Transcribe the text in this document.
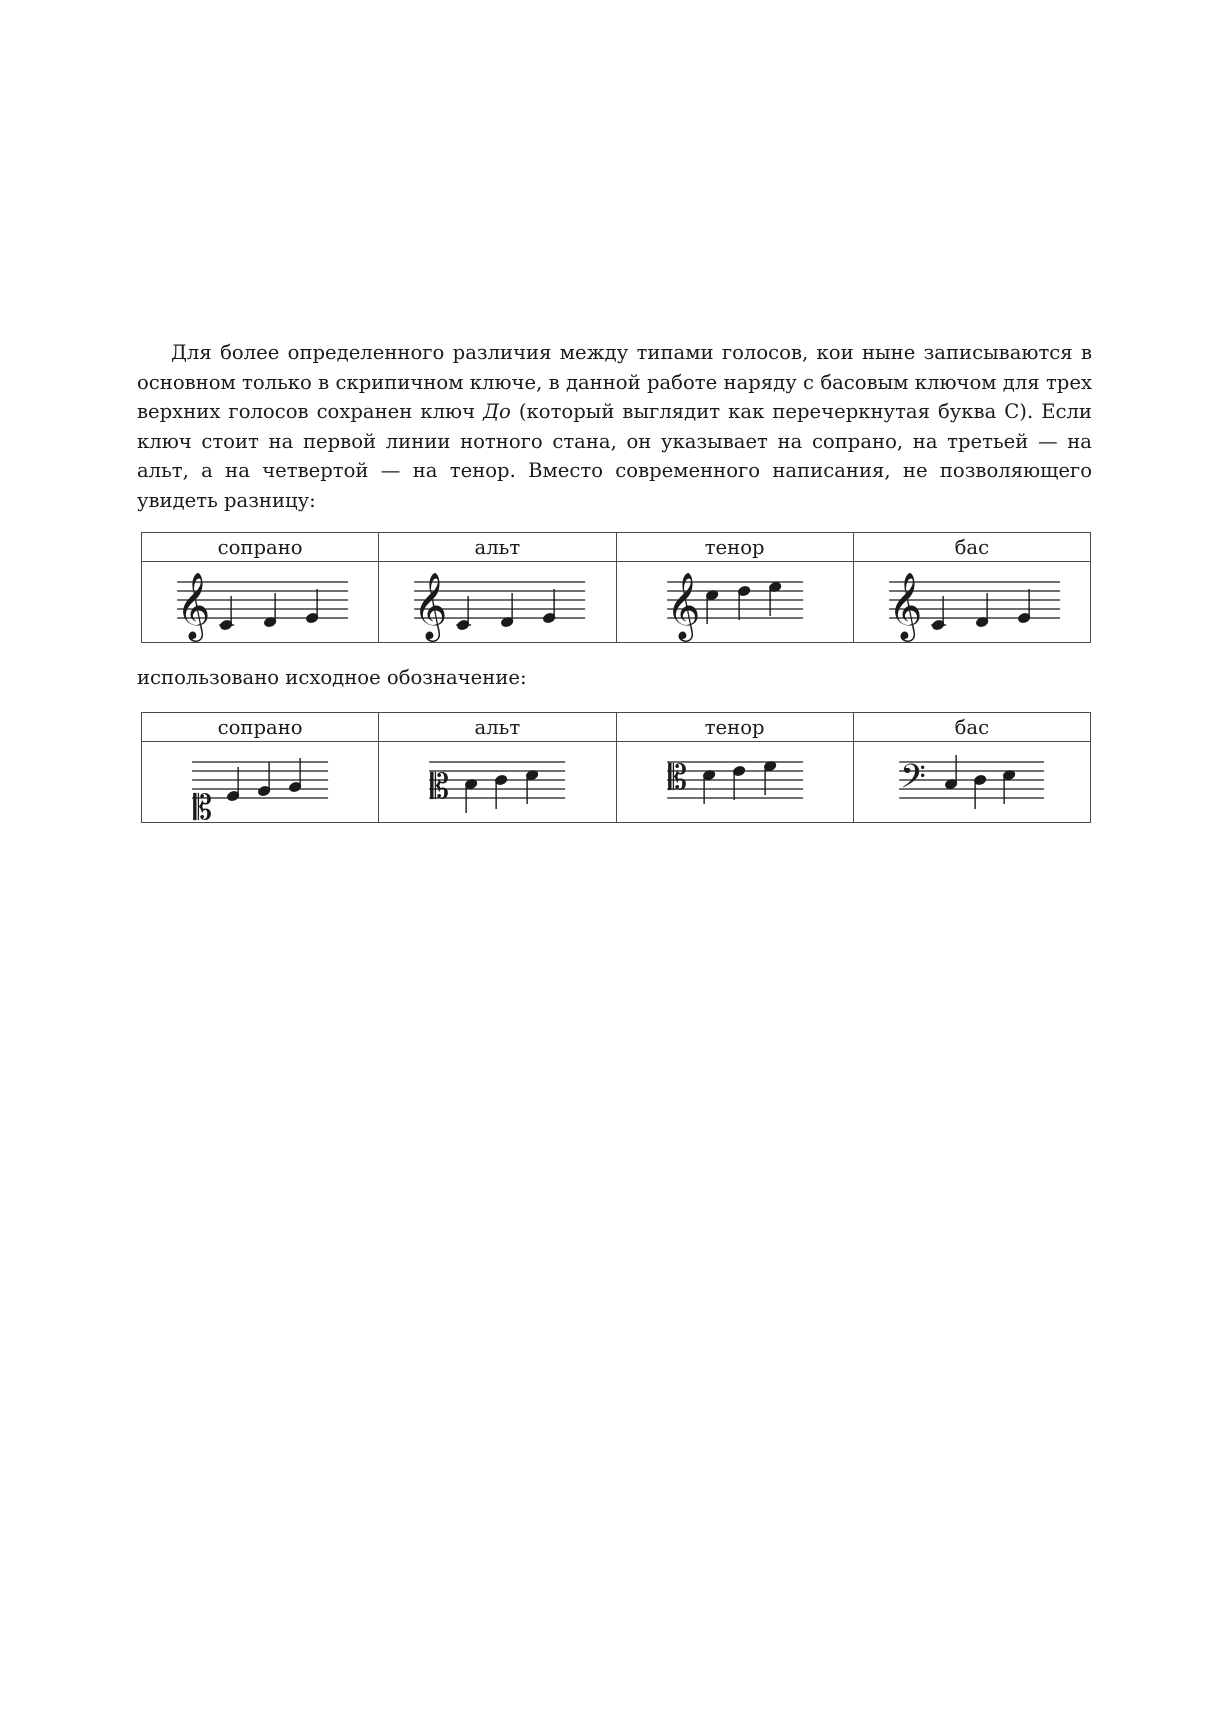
Для более определенного различия между типами голосов, кои ныне записываются в основном только в скрипичном ключе, в данной работе наряду с басовым ключом для трех верхних голосов сохранен ключ До (который выглядит как перечеркнутая буква С). Если ключ стоит на первой линии нотного стана, он указывает на сопрано, на третьей — на альт, а на четвертой — на тенор. Вместо современного написания, не позволяющего увидеть разницу:

сопрано	альт	тенор	бас

𝄞	𝄞	𝄞	𝄞

использовано исходное обозначение:

сопрано	альт	тенор	бас

𝄡	𝄡	𝄡	𝄢
